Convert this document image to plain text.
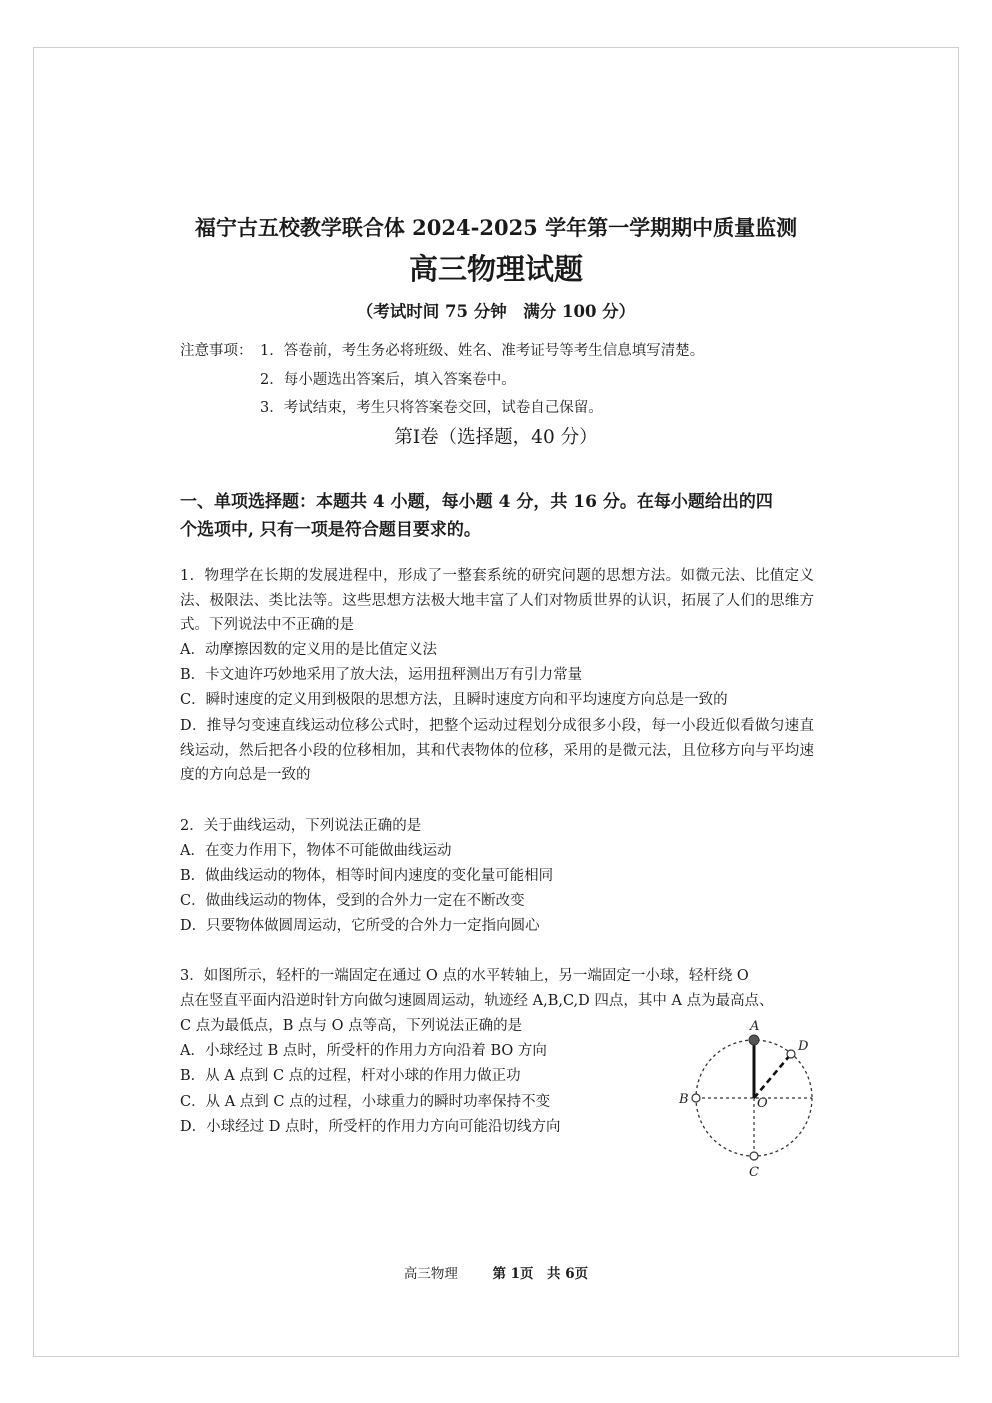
福宁古五校教学联合体 2024-2025 学年第一学期期中质量监测
高三物理试题
（考试时间 75 分钟　满分 100 分）
注意事项： 1．答卷前，考生务必将班级、姓名、准考证号等考生信息填写清楚。
2．每小题选出答案后，填入答案卷中。
3．考试结束，考生只将答案卷交回，试卷自己保留。
第Ⅰ卷（选择题，40 分）
一、单项选择题：本题共 4 小题，每小题 4 分，共 16 分。在每小题给出的四
个选项中, 只有一项是符合题目要求的。
1．物理学在长期的发展进程中，形成了一整套系统的研究问题的思想方法。如微元法、比值定义法、极限法、类比法等。这些思想方法极大地丰富了人们对物质世界的认识，拓展了人们的思维方式。下列说法中不正确的是
A．动摩擦因数的定义用的是比值定义法
B．卡文迪许巧妙地采用了放大法，运用扭秤测出万有引力常量
C．瞬时速度的定义用到极限的思想方法，且瞬时速度方向和平均速度方向总是一致的
D．推导匀变速直线运动位移公式时，把整个运动过程划分成很多小段，每一小段近似看做匀速直线运动，然后把各小段的位移相加，其和代表物体的位移，采用的是微元法，且位移方向与平均速度的方向总是一致的
2．关于曲线运动，下列说法正确的是
A．在变力作用下，物体不可能做曲线运动
B．做曲线运动的物体，相等时间内速度的变化量可能相同
C．做曲线运动的物体，受到的合外力一定在不断改变
D．只要物体做圆周运动，它所受的合外力一定指向圆心
3．如图所示，轻杆的一端固定在通过 O 点的水平转轴上，另一端固定一小球，轻杆绕 O
点在竖直平面内沿逆时针方向做匀速圆周运动，轨迹经 A,B,C,D 四点，其中 A 点为最高点、
C 点为最低点，B 点与 O 点等高，下列说法正确的是
A．小球经过 B 点时，所受杆的作用力方向沿着 BO 方向
B．从 A 点到 C 点的过程，杆对小球的作用力做正功
C．从 A 点到 C 点的过程，小球重力的瞬时功率保持不变
D．小球经过 D 点时，所受杆的作用力方向可能沿切线方向
A
D
B	O
C
高三物理	第 1页　共 6页
